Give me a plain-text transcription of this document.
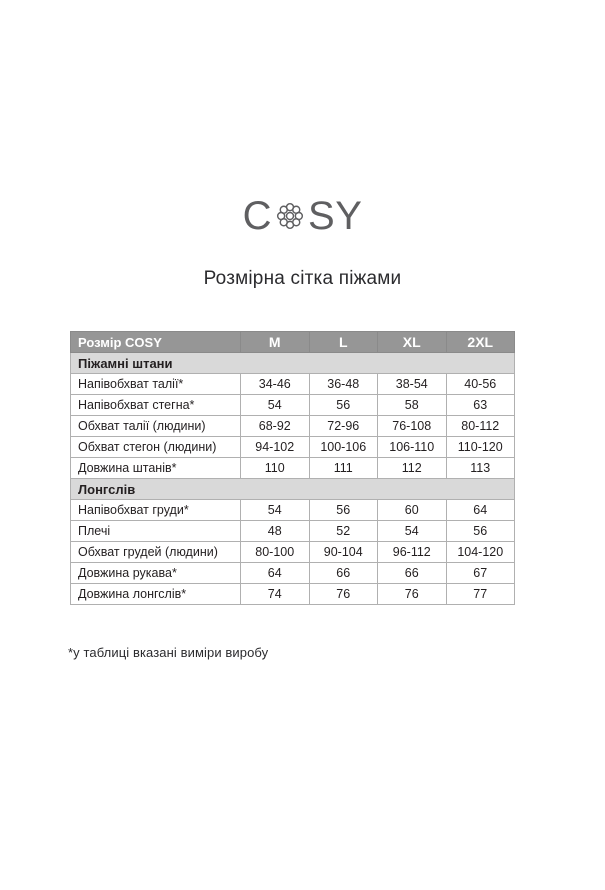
C SY
Розмірна сітка піжами
Розмір COSY	M	L	XL	2XL
Піжамні штани				
Напівобхват талії*	34-46	36-48	38-54	40-56
Напівобхват стегна*	54	56	58	63
Обхват талії (людини)	68-92	72-96	76-108	80-112
Обхват стегон (людини)	94-102	100-106	106-110	110-120
Довжина штанів*	110	111	112	113
Лонгслів				
Напівобхват груди*	54	56	60	64
Плечі	48	52	54	56
Обхват грудей (людини)	80-100	90-104	96-112	104-120
Довжина рукава*	64	66	66	67
Довжина лонгслів*	74	76	76	77
*у таблиці вказані виміри виробу
